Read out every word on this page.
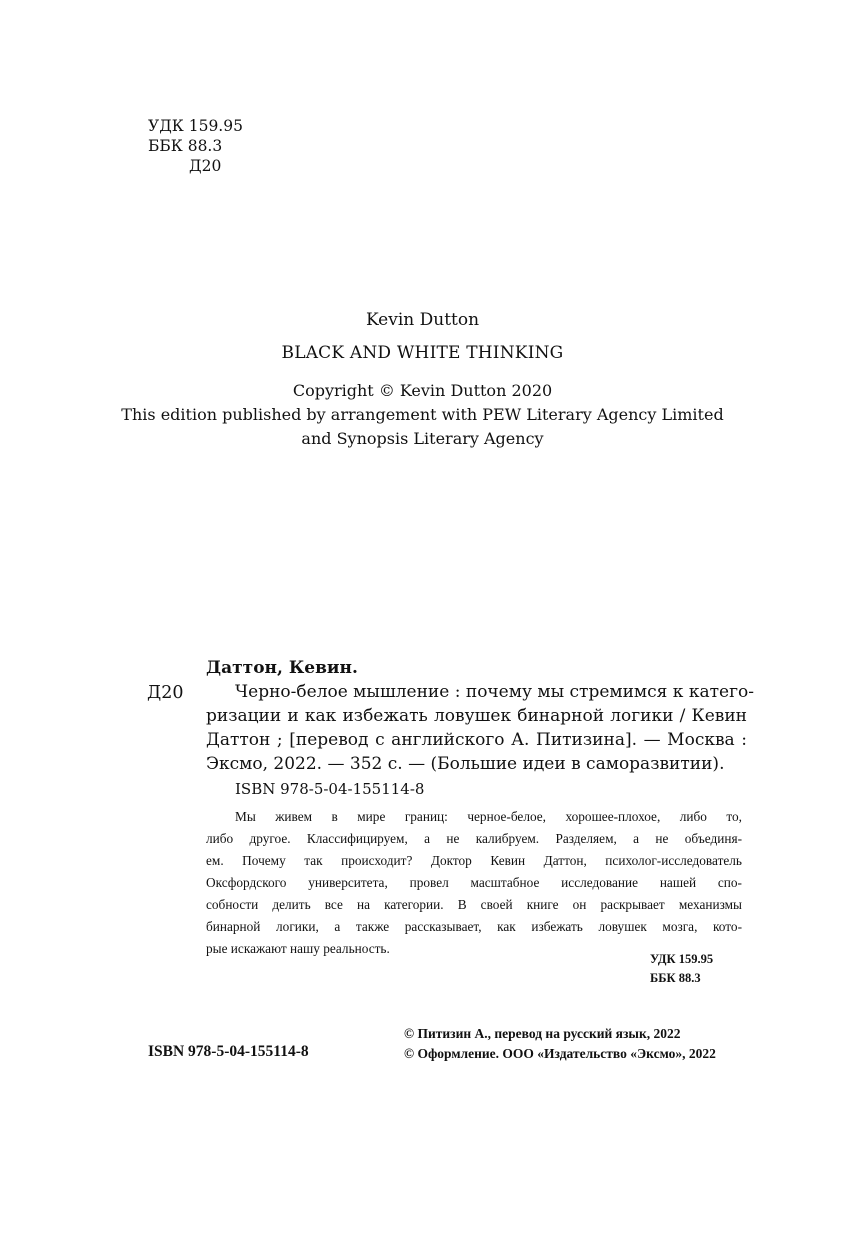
УДК 159.95
ББК 88.3
Д20
Kevin Dutton
BLACK AND WHITE THINKING
Copyright © Kevin Dutton 2020
This edition published by arrangement with PEW Literary Agency Limited
and Synopsis Literary Agency
Даттон, Кевин.
Д20	Черно-белое мышление : почему мы стремимся к катего-
ризации и как избежать ловушек бинарной логики / Кевин
Даттон ; [перевод с английского А. Питизина]. — Москва :
Эксмо, 2022. — 352 с. — (Большие идеи в саморазвитии).
ISBN 978-5-04-155114-8
Мы живем в мире границ: черное-белое, хорошее-плохое, либо то,
либо другое. Классифицируем, а не калибруем. Разделяем, а не объединя-
ем. Почему так происходит? Доктор Кевин Даттон, психолог-исследователь
Оксфордского университета, провел масштабное исследование нашей спо-
собности делить все на категории. В своей книге он раскрывает механизмы
бинарной логики, а также рассказывает, как избежать ловушек мозга, кото-
рые искажают нашу реальность.
УДК 159.95
ББК 88.3
ISBN 978-5-04-155114-8
© Питизин А., перевод на русский язык, 2022
© Оформление. ООО «Издательство «Эксмо», 2022
